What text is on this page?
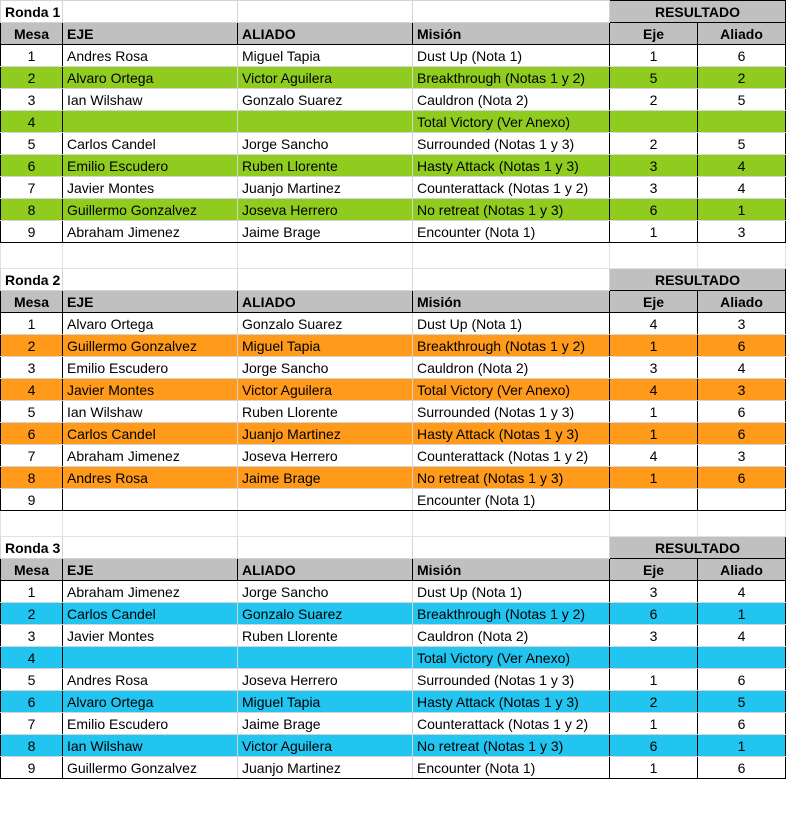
Ronda 1				RESULTADO	
Mesa	EJE	ALIADO	Misión	Eje	Aliado
1	Andres Rosa	Miguel Tapia	Dust Up (Nota 1)	1	6
2	Alvaro Ortega	Victor Aguilera	Breakthrough (Notas 1 y 2)	5	2
3	Ian Wilshaw	Gonzalo Suarez	Cauldron (Nota 2)	2	5
4			Total Victory (Ver Anexo)		
5	Carlos Candel	Jorge Sancho	Surrounded (Notas 1 y 3)	2	5
6	Emilio Escudero	Ruben Llorente	Hasty Attack (Notas 1 y 3)	3	4
7	Javier Montes	Juanjo Martinez	Counterattack (Notas 1 y 2)	3	4
8	Guillermo Gonzalvez	Joseva Herrero	No retreat (Notas 1 y 3)	6	1
9	Abraham Jimenez	Jaime Brage	Encounter (Nota 1)	1	3

Ronda 2				RESULTADO	
Mesa	EJE	ALIADO	Misión	Eje	Aliado
1	Alvaro Ortega	Gonzalo Suarez	Dust Up (Nota 1)	4	3
2	Guillermo Gonzalvez	Miguel Tapia	Breakthrough (Notas 1 y 2)	1	6
3	Emilio Escudero	Jorge Sancho	Cauldron (Nota 2)	3	4
4	Javier Montes	Victor Aguilera	Total Victory (Ver Anexo)	4	3
5	Ian Wilshaw	Ruben Llorente	Surrounded (Notas 1 y 3)	1	6
6	Carlos Candel	Juanjo Martinez	Hasty Attack (Notas 1 y 3)	1	6
7	Abraham Jimenez	Joseva Herrero	Counterattack (Notas 1 y 2)	4	3
8	Andres Rosa	Jaime Brage	No retreat (Notas 1 y 3)	1	6
9			Encounter (Nota 1)		

Ronda 3				RESULTADO	
Mesa	EJE	ALIADO	Misión	Eje	Aliado
1	Abraham Jimenez	Jorge Sancho	Dust Up (Nota 1)	3	4
2	Carlos Candel	Gonzalo Suarez	Breakthrough (Notas 1 y 2)	6	1
3	Javier Montes	Ruben Llorente	Cauldron (Nota 2)	3	4
4			Total Victory (Ver Anexo)		
5	Andres Rosa	Joseva Herrero	Surrounded (Notas 1 y 3)	1	6
6	Alvaro Ortega	Miguel Tapia	Hasty Attack (Notas 1 y 3)	2	5
7	Emilio Escudero	Jaime Brage	Counterattack (Notas 1 y 2)	1	6
8	Ian Wilshaw	Victor Aguilera	No retreat (Notas 1 y 3)	6	1
9	Guillermo Gonzalvez	Juanjo Martinez	Encounter (Nota 1)	1	6
